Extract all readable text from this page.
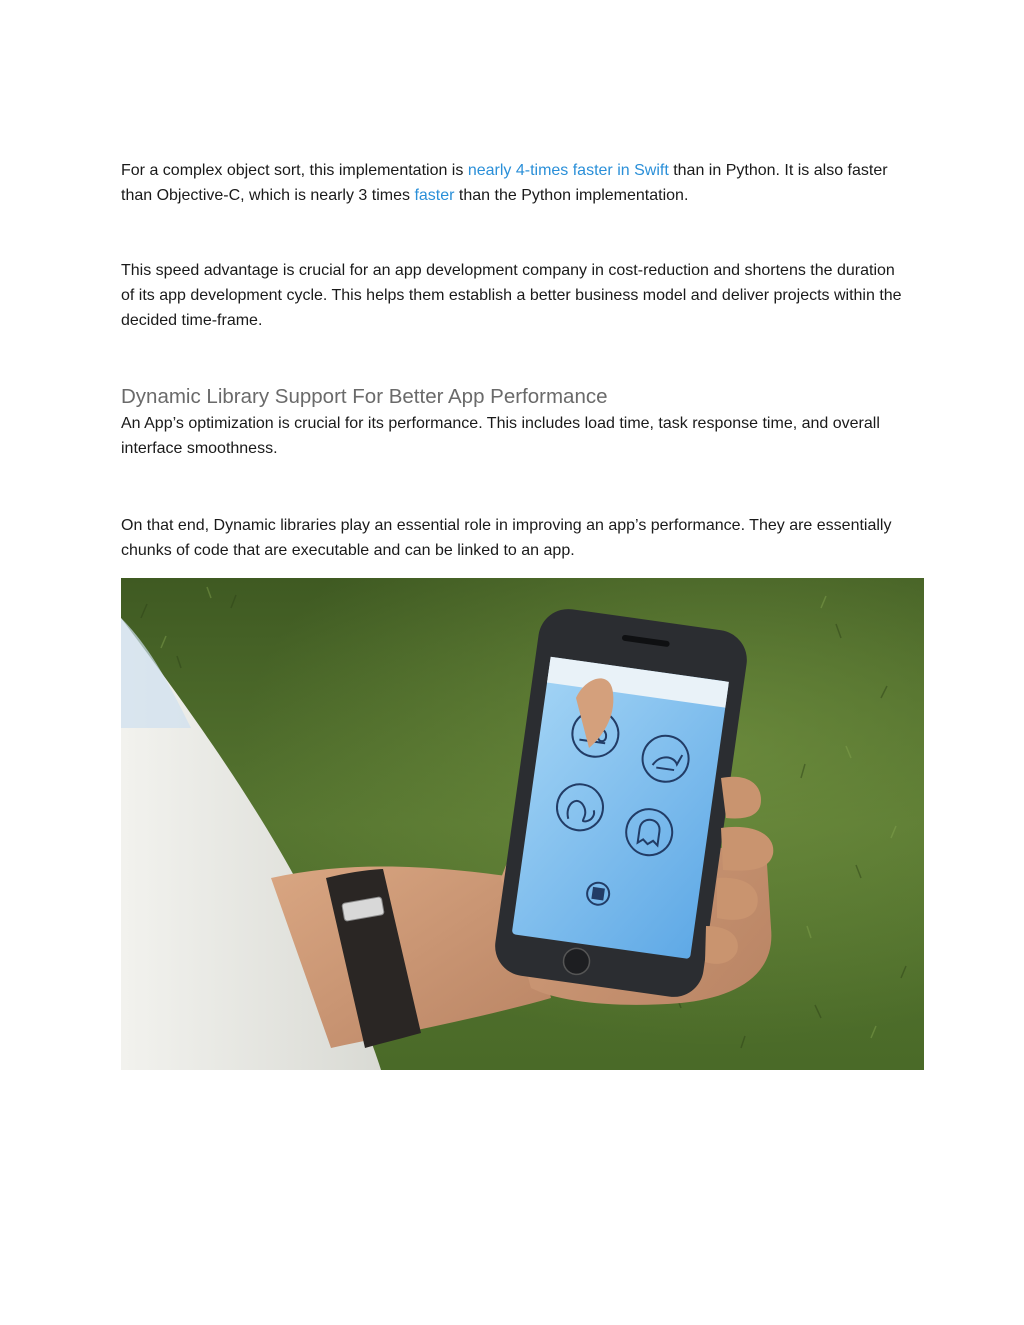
For a complex object sort, this implementation is nearly 4-times faster in Swift than in Python. It is also faster than Objective-C, which is nearly 3 times faster than the Python implementation.

This speed advantage is crucial for an app development company in cost-reduction and shortens the duration of its app development cycle. This helps them establish a better business model and deliver projects within the decided time-frame.

Dynamic Library Support For Better App Performance

An App’s optimization is crucial for its performance. This includes load time, task response time, and overall interface smoothness.

On that end, Dynamic libraries play an essential role in improving an app’s performance. They are essentially chunks of code that are executable and can be linked to an app.
